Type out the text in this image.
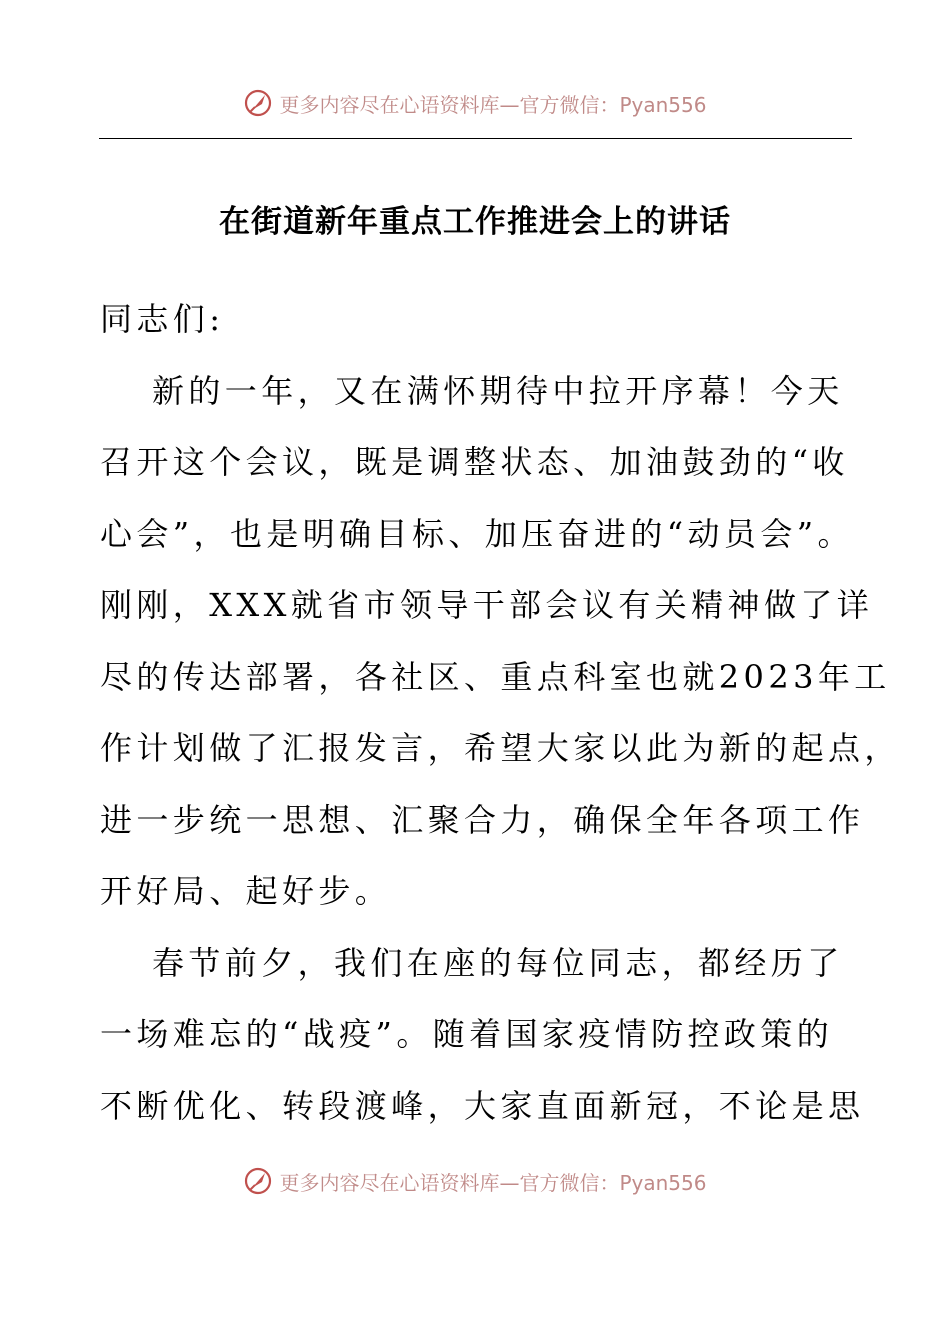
更多内容尽在心语资料库—官方微信：Pyan556
在街道新年重点工作推进会上的讲话
同志们:
新的一年，又在满怀期待中拉开序幕！今天
召开这个会议，既是调整状态、加油鼓劲的“收
心会”，也是明确目标、加压奋进的“动员会”。
刚刚，XXX就省市领导干部会议有关精神做了详
尽的传达部署，各社区、重点科室也就2023年工
作计划做了汇报发言，希望大家以此为新的起点，
进一步统一思想、汇聚合力，确保全年各项工作
开好局、起好步。
春节前夕，我们在座的每位同志，都经历了
一场难忘的“战疫”。随着国家疫情防控政策的
不断优化、转段渡峰，大家直面新冠，不论是思
更多内容尽在心语资料库—官方微信：Pyan556
